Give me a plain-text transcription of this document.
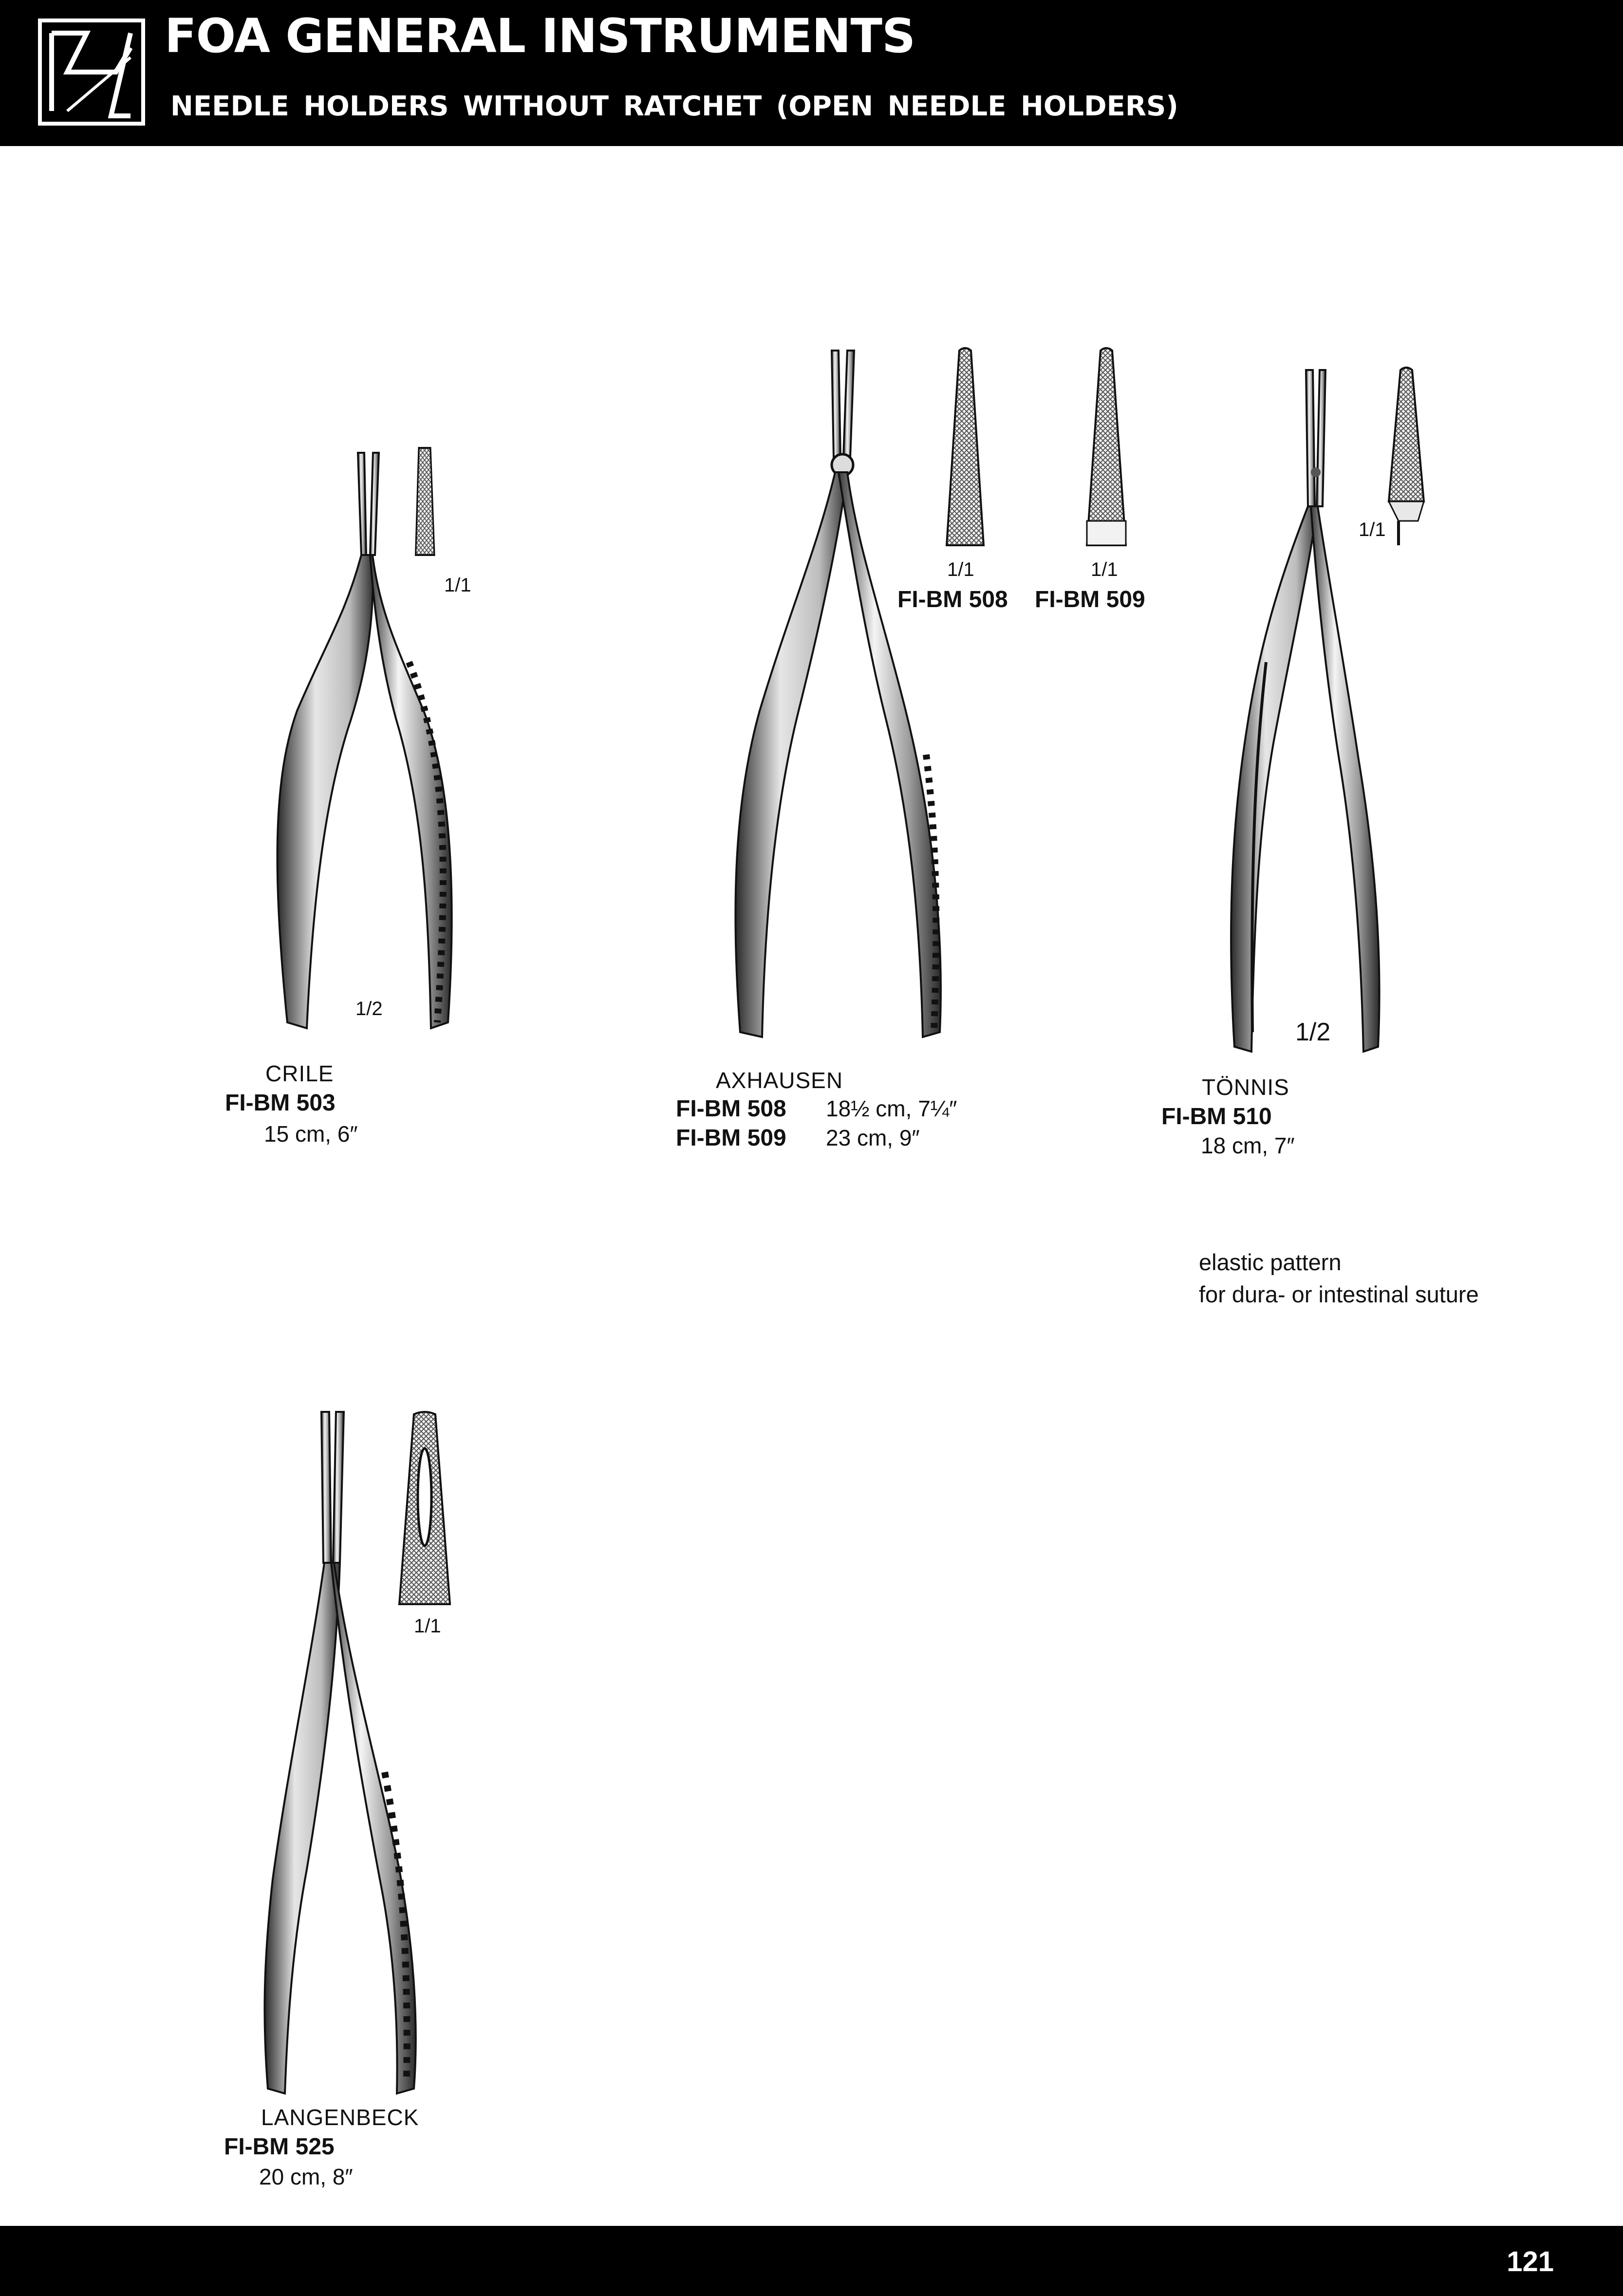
FOA GENERAL INSTRUMENTS
NEEDLE HOLDERS WITHOUT RATCHET (OPEN NEEDLE HOLDERS)
1/1
1/2
CRILE
FI-BM 503
15 cm, 6″
1/1	1/1
FI-BM 508 FI-BM 509
AXHAUSEN
FI-BM 508 18½ cm, 7¼″
FI-BM 509 23 cm, 9″
1/1
1/2
TÖNNIS
FI-BM 510
18 cm, 7″
elastic pattern
for dura- or intestinal suture
1/1
LANGENBECK
FI-BM 525
20 cm, 8″
121
